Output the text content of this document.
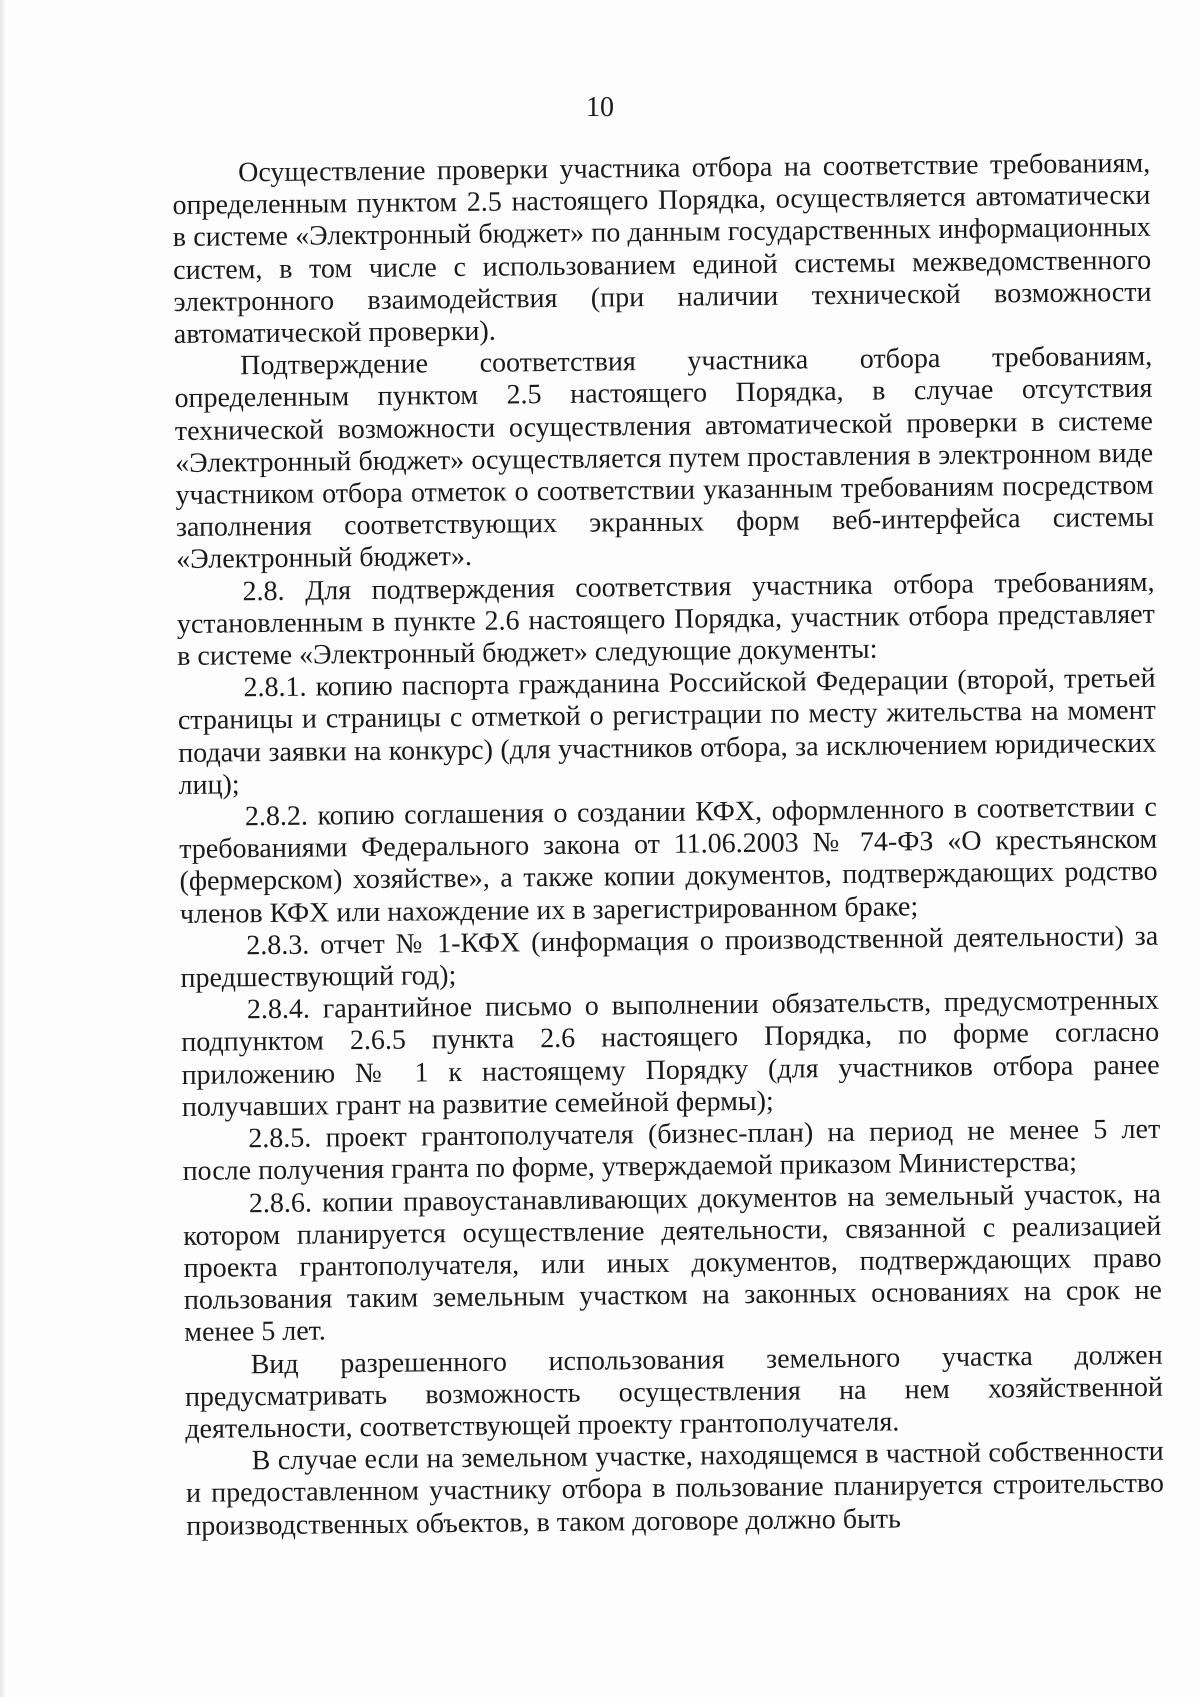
10

Осуществление проверки участника отбора на соответствие требованиям, определенным пунктом 2.5 настоящего Порядка, осуществляется автоматически в системе «Электронный бюджет» по данным государственных информационных систем, в том числе с использованием единой системы межведомственного электронного взаимодействия (при наличии технической возможности автоматической проверки).

Подтверждение соответствия участника отбора требованиям, определенным пунктом 2.5 настоящего Порядка, в случае отсутствия технической возможности осуществления автоматической проверки в системе «Электронный бюджет» осуществляется путем проставления в электронном виде участником отбора отметок о соответствии указанным требованиям посредством заполнения соответствующих экранных форм веб-интерфейса системы «Электронный бюджет».

2.8. Для подтверждения соответствия участника отбора требованиям, установленным в пункте 2.6 настоящего Порядка, участник отбора представляет в системе «Электронный бюджет» следующие документы:

2.8.1. копию паспорта гражданина Российской Федерации (второй, третьей страницы и страницы с отметкой о регистрации по месту жительства на момент подачи заявки на конкурс) (для участников отбора, за исключением юридических лиц);

2.8.2. копию соглашения о создании КФХ, оформленного в соответствии с требованиями Федерального закона от 11.06.2003 № 74-ФЗ «О крестьянском (фермерском) хозяйстве», а также копии документов, подтверждающих родство членов КФХ или нахождение их в зарегистрированном браке;

2.8.3. отчет № 1-КФХ (информация о производственной деятельности) за предшествующий год);

2.8.4. гарантийное письмо о выполнении обязательств, предусмотренных подпунктом 2.6.5 пункта 2.6 настоящего Порядка, по форме согласно приложению № 1 к настоящему Порядку (для участников отбора ранее получавших грант на развитие семейной фермы);

2.8.5. проект грантополучателя (бизнес-план) на период не менее 5 лет после получения гранта по форме, утверждаемой приказом Министерства;

2.8.6. копии правоустанавливающих документов на земельный участок, на котором планируется осуществление деятельности, связанной с реализацией проекта грантополучателя, или иных документов, подтверждающих право пользования таким земельным участком на законных основаниях на срок не менее 5 лет.

Вид разрешенного использования земельного участка должен предусматривать возможность осуществления на нем хозяйственной деятельности, соответствующей проекту грантополучателя.

В случае если на земельном участке, находящемся в частной собственности и предоставленном участнику отбора в пользование планируется строительство производственных объектов, в таком договоре должно быть
